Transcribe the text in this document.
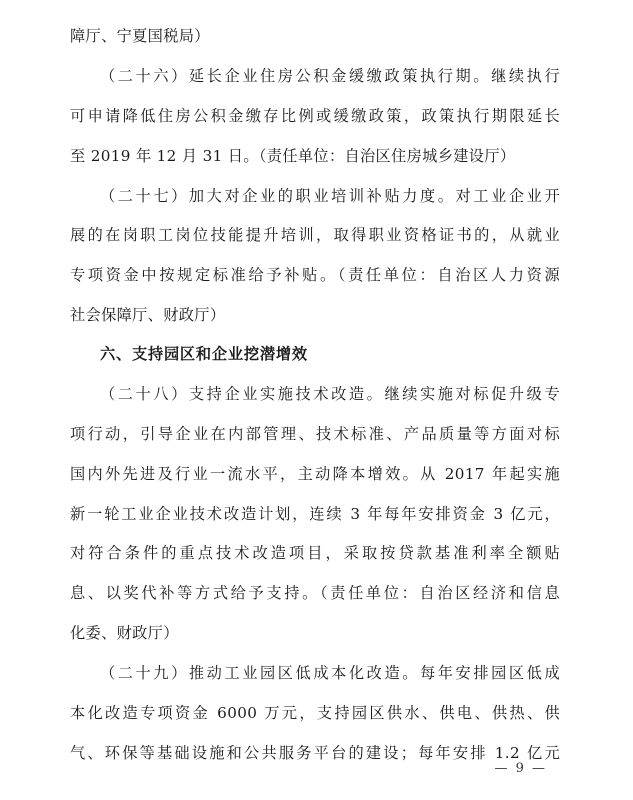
障厅、宁夏国税局）
（二十六）延长企业住房公积金缓缴政策执行期。继续执行
可申请降低住房公积金缴存比例或缓缴政策，政策执行期限延长
至 2019 年 12 月 31 日。（责任单位：自治区住房城乡建设厅）
（二十七）加大对企业的职业培训补贴力度。对工业企业开
展的在岗职工岗位技能提升培训，取得职业资格证书的，从就业
专项资金中按规定标准给予补贴。（责任单位：自治区人力资源
社会保障厅、财政厅）
六、支持园区和企业挖潜增效
（二十八）支持企业实施技术改造。继续实施对标促升级专
项行动，引导企业在内部管理、技术标准、产品质量等方面对标
国内外先进及行业一流水平，主动降本增效。从 2017 年起实施
新一轮工业企业技术改造计划，连续 3 年每年安排资金 3 亿元，
对符合条件的重点技术改造项目，采取按贷款基准利率全额贴
息、以奖代补等方式给予支持。（责任单位：自治区经济和信息
化委、财政厅）
（二十九）推动工业园区低成本化改造。每年安排园区低成
本化改造专项资金 6000 万元，支持园区供水、供电、供热、供
气、环保等基础设施和公共服务平台的建设；每年安排 1.2 亿元
— 9 —
